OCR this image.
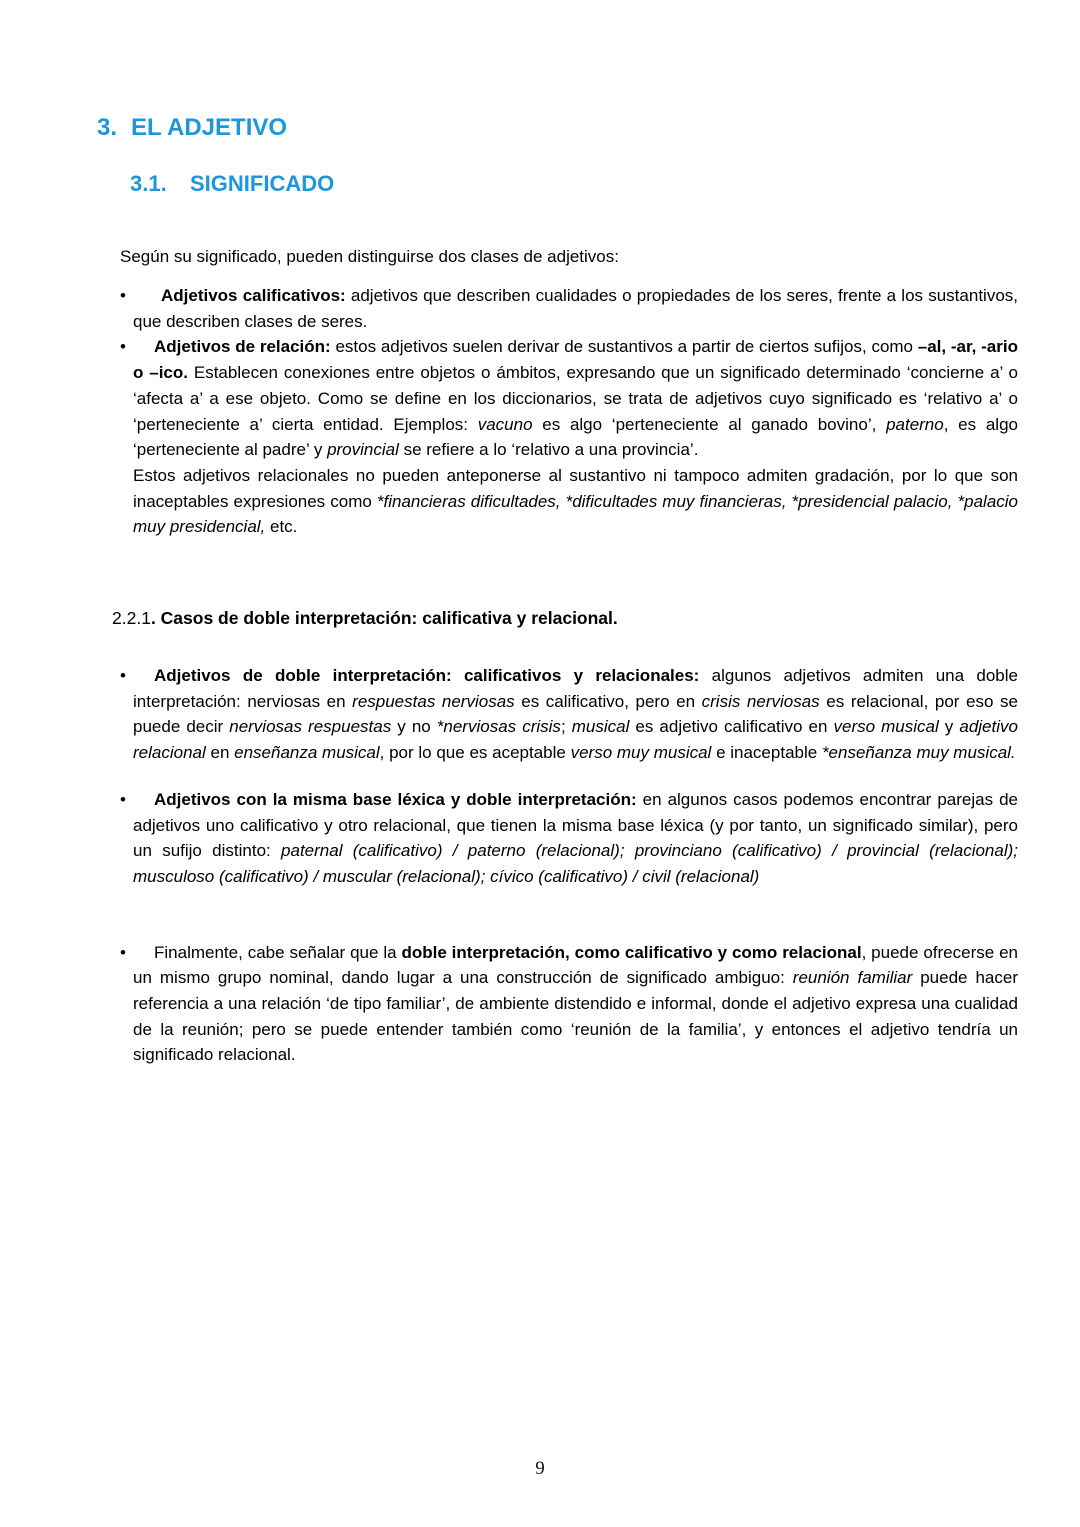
3. EL ADJETIVO
3.1. SIGNIFICADO

Según su significado, pueden distinguirse dos clases de adjetivos:

• Adjetivos calificativos: adjetivos que describen cualidades o propiedades de los seres, frente a los sustantivos, que describen clases de seres.
• Adjetivos de relación: estos adjetivos suelen derivar de sustantivos a partir de ciertos sufijos, como –al, -ar, -ario o –ico. Establecen conexiones entre objetos o ámbitos, expresando que un significado determinado ‘concierne a’ o ‘afecta a’ a ese objeto. Como se define en los diccionarios, se trata de adjetivos cuyo significado es ‘relativo a’ o ‘perteneciente a’ cierta entidad. Ejemplos: vacuno es algo ‘perteneciente al ganado bovino’, paterno, es algo ‘perteneciente al padre’ y provincial se refiere a lo ‘relativo a una provincia’.
Estos adjetivos relacionales no pueden anteponerse al sustantivo ni tampoco admiten gradación, por lo que son inaceptables expresiones como *financieras dificultades, *dificultades muy financieras, *presidencial palacio, *palacio muy presidencial, etc.
2.2.1. Casos de doble interpretación: calificativa y relacional.
• Adjetivos de doble interpretación: calificativos y relacionales: algunos adjetivos admiten una doble interpretación: nerviosas en respuestas nerviosas es calificativo, pero en crisis nerviosas es relacional, por eso se puede decir nerviosas respuestas y no *nerviosas crisis; musical es adjetivo calificativo en verso musical y adjetivo relacional en enseñanza musical, por lo que es aceptable verso muy musical e inaceptable *enseñanza muy musical.
• Adjetivos con la misma base léxica y doble interpretación: en algunos casos podemos encontrar parejas de adjetivos uno calificativo y otro relacional, que tienen la misma base léxica (y por tanto, un significado similar), pero un sufijo distinto: paternal (calificativo) / paterno (relacional); provinciano (calificativo) / provincial (relacional); musculoso (calificativo) / muscular (relacional); cívico (calificativo) / civil (relacional)
• Finalmente, cabe señalar que la doble interpretación, como calificativo y como relacional, puede ofrecerse en un mismo grupo nominal, dando lugar a una construcción de significado ambiguo: reunión familiar puede hacer referencia a una relación ‘de tipo familiar’, de ambiente distendido e informal, donde el adjetivo expresa una cualidad de la reunión; pero se puede entender también como ‘reunión de la familia’, y entonces el adjetivo tendría un significado relacional.
9
